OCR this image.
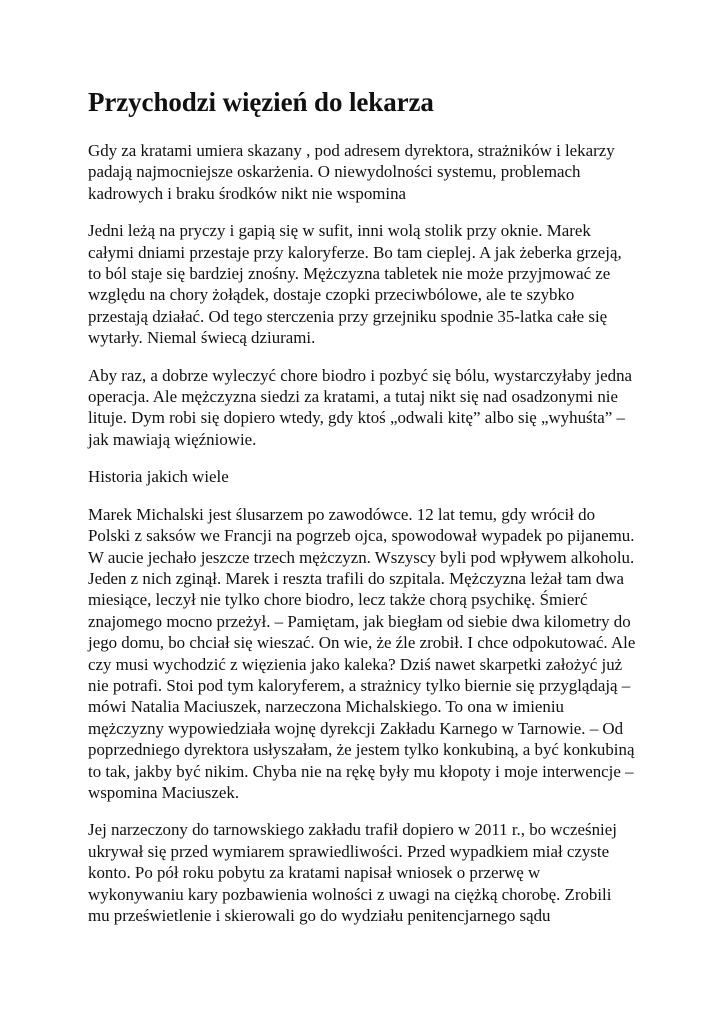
Przychodzi więzień do lekarza

Gdy za kratami umiera skazany , pod adresem dyrektora, strażników i lekarzy padają najmocniejsze oskarżenia. O niewydolności systemu, problemach kadrowych i braku środków nikt nie wspomina

Jedni leżą na pryczy i gapią się w sufit, inni wolą stolik przy oknie. Marek całymi dniami przestaje przy kaloryferze. Bo tam cieplej. A jak żeberka grzeją, to ból staje się bardziej znośny. Mężczyzna tabletek nie może przyjmować ze względu na chory żołądek, dostaje czopki przeciwbólowe, ale te szybko przestają działać. Od tego sterczenia przy grzejniku spodnie 35-latka całe się wytarły. Niemal świecą dziurami.

Aby raz, a dobrze wyleczyć chore biodro i pozbyć się bólu, wystarczyłaby jedna operacja. Ale mężczyzna siedzi za kratami, a tutaj nikt się nad osadzonymi nie lituje. Dym robi się dopiero wtedy, gdy ktoś „odwali kitę” albo się „wyhuśta” – jak mawiają więźniowie.

Historia jakich wiele

Marek Michalski jest ślusarzem po zawodówce. 12 lat temu, gdy wrócił do Polski z saksów we Francji na pogrzeb ojca, spowodował wypadek po pijanemu. W aucie jechało jeszcze trzech mężczyzn. Wszyscy byli pod wpływem alkoholu. Jeden z nich zginął. Marek i reszta trafili do szpitala. Mężczyzna leżał tam dwa miesiące, leczył nie tylko chore biodro, lecz także chorą psychikę. Śmierć znajomego mocno przeżył. – Pamiętam, jak biegłam od siebie dwa kilometry do jego domu, bo chciał się wieszać. On wie, że źle zrobił. I chce odpokutować. Ale czy musi wychodzić z więzienia jako kaleka? Dziś nawet skarpetki założyć już nie potrafi. Stoi pod tym kaloryferem, a strażnicy tylko biernie się przyglądają – mówi Natalia Maciuszek, narzeczona Michalskiego. To ona w imieniu mężczyzny wypowiedziała wojnę dyrekcji Zakładu Karnego w Tarnowie. – Od poprzedniego dyrektora usłyszałam, że jestem tylko konkubiną, a być konkubiną to tak, jakby być nikim. Chyba nie na rękę były mu kłopoty i moje interwencje – wspomina Maciuszek.

Jej narzeczony do tarnowskiego zakładu trafił dopiero w 2011 r., bo wcześniej ukrywał się przed wymiarem sprawiedliwości. Przed wypadkiem miał czyste konto. Po pół roku pobytu za kratami napisał wniosek o przerwę w wykonywaniu kary pozbawienia wolności z uwagi na ciężką chorobę. Zrobili mu prześwietlenie i skierowali go do wydziału penitencjarnego sądu
